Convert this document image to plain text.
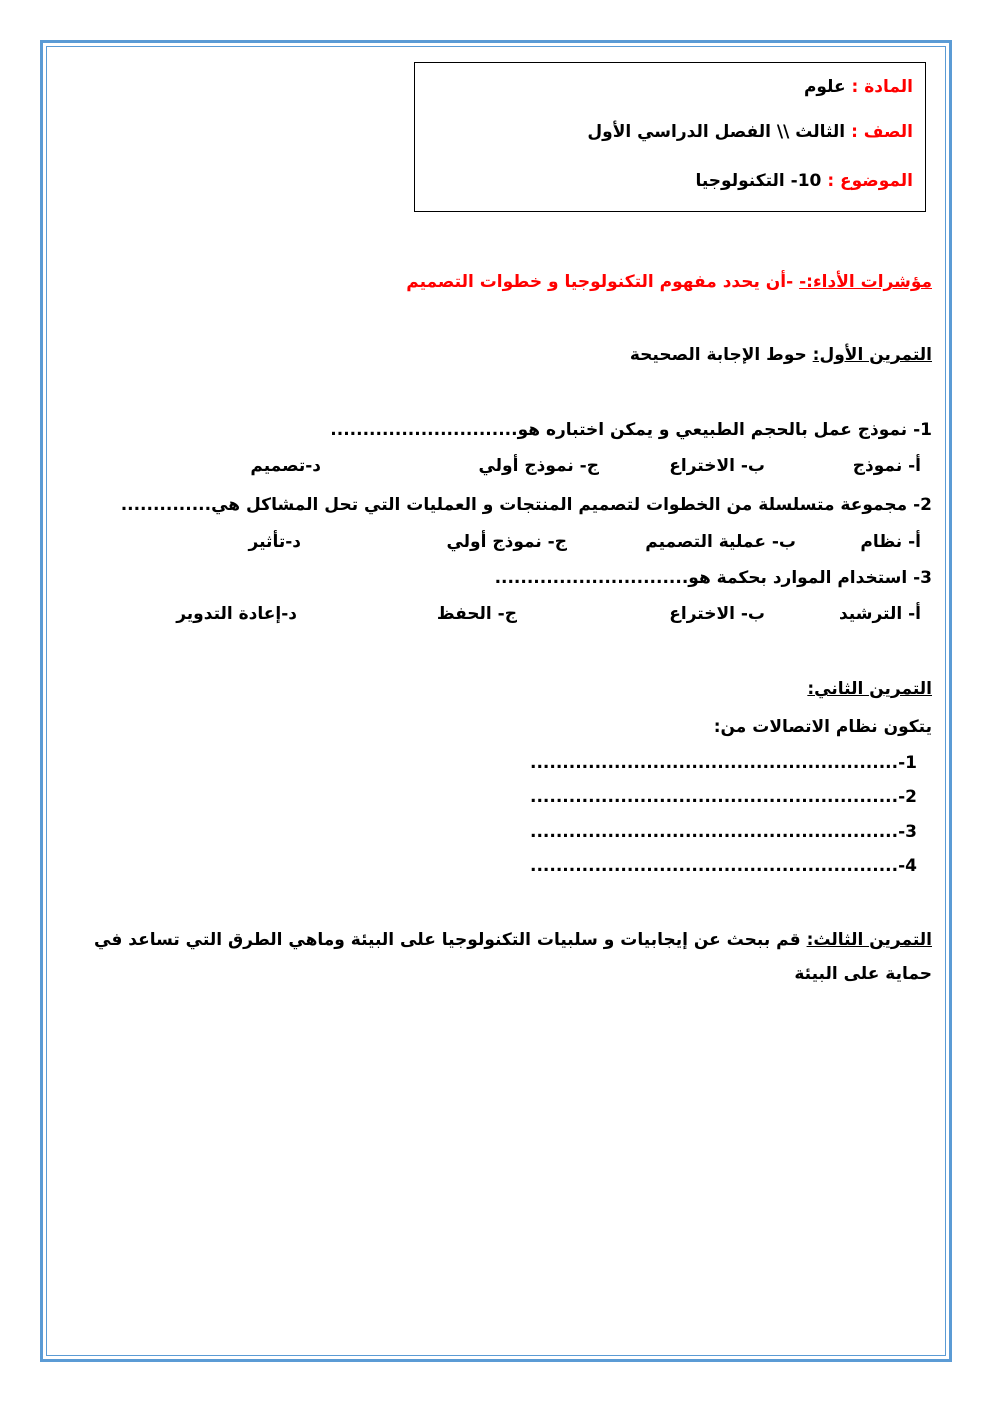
المادة : علوم
الصف : الثالث \\ الفصل الدراسي الأول
الموضوع : 10- التكنولوجيا
مؤشرات الأداء:- -أن يحدد مفهوم التكنولوجيا و خطوات التصميم
التمرين الأول: حوط الإجابة الصحيحة
1- نموذج عمل بالحجم الطبيعي و يمكن اختباره هو.............................
أ- نموذج
ب- الاختراع
ج- نموذج أولي
د-تصميم
2- مجموعة متسلسلة من الخطوات لتصميم المنتجات و العمليات التي تحل المشاكل هي..............
أ- نظام
ب- عملية التصميم
ج- نموذج أولي
د-تأثير
3- استخدام الموارد بحكمة هو..............................
أ- الترشيد
ب- الاختراع
ج- الحفظ
د-إعادة التدوير
التمرين الثاني:
يتكون نظام الاتصالات من:
1-.........................................................
2-.........................................................
3-.........................................................
4-.........................................................
التمرين الثالث: قم ببحث عن إيجابيات و سلبيات التكنولوجيا على البيئة وماهي الطرق التي تساعد في
حماية على البيئة
